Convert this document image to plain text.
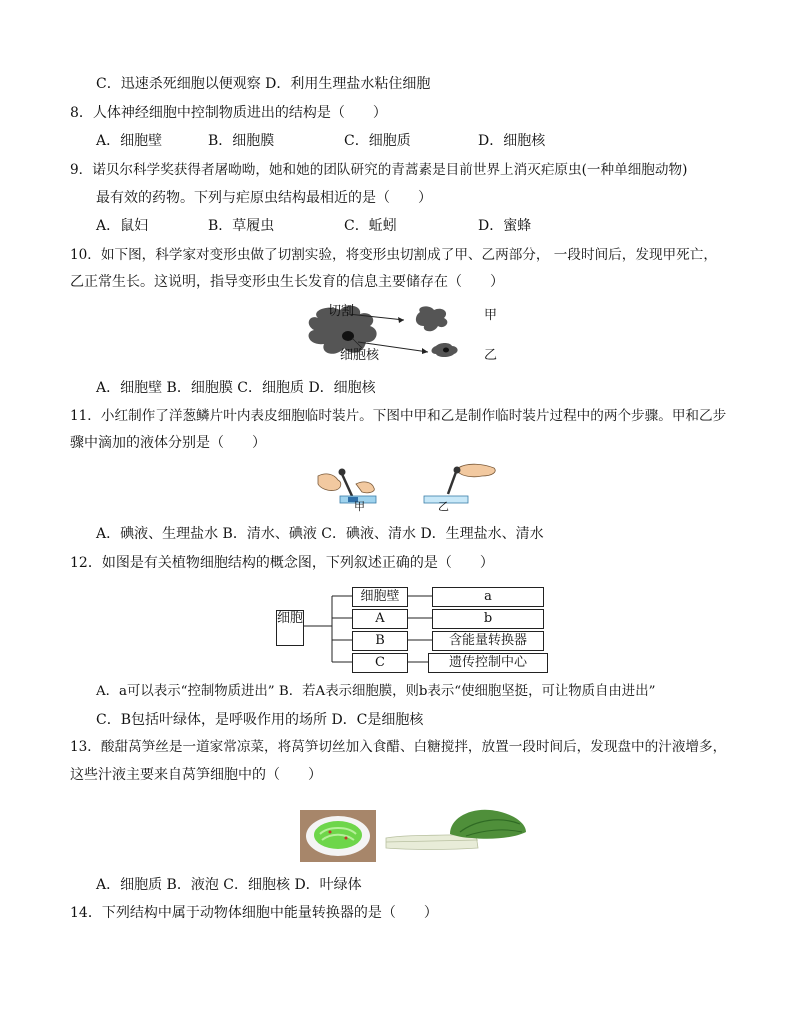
C．迅速杀死细胞以便观察 D．利用生理盐水粘住细胞
8．人体神经细胞中控制物质进出的结构是（　　）
A．细胞壁	B．细胞膜	C．细胞质	D．细胞核
9．诺贝尔科学奖获得者屠呦呦，她和她的团队研究的青蒿素是目前世界上消灭疟原虫(一种单细胞动物)
最有效的药物。下列与疟原虫结构最相近的是（　　）
A．鼠妇	B．草履虫	C．蚯蚓	D．蜜蜂
10．如下图，科学家对变形虫做了切割实验，将变形虫切割成了甲、乙两部分， 一段时间后，发现甲死亡，
乙正常生长。这说明，指导变形虫生长发育的信息主要储存在（　　）
切割	甲
细胞核	乙
A．细胞壁 B．细胞膜 C．细胞质 D．细胞核
11．小红制作了洋葱鳞片叶内表皮细胞临时装片。下图中甲和乙是制作临时装片过程中的两个步骤。甲和乙步
骤中滴加的液体分别是（　　）
甲	乙
A．碘液、生理盐水 B．清水、碘液 C．碘液、清水 D．生理盐水、清水
12．如图是有关植物细胞结构的概念图，下列叙述正确的是（　　）
细胞
细胞壁
A
B
C
a
b
含能量转换器
遗传控制中心
A．a可以表示“控制物质进出” B．若A表示细胞膜，则b表示“使细胞坚挺，可让物质自由进出”
C．B包括叶绿体，是呼吸作用的场所 D．C是细胞核
13．酸甜莴笋丝是一道家常凉菜，将莴笋切丝加入食醋、白糖搅拌，放置一段时间后，发现盘中的汁液增多，
这些汁液主要来自莴笋细胞中的（　　）
A．细胞质 B．液泡 C．细胞核 D．叶绿体
14．下列结构中属于动物体细胞中能量转换器的是（　　）
